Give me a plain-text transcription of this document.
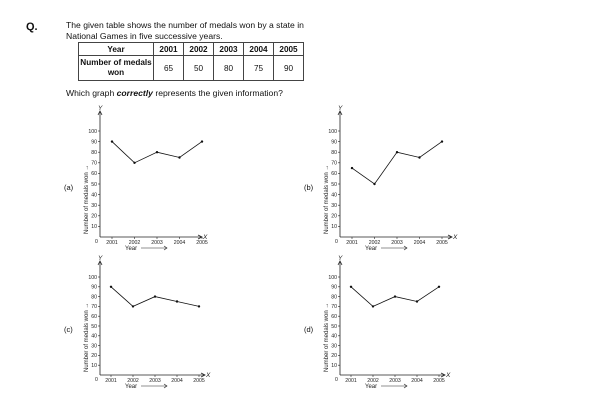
Q.	The given table shows the number of medals won by a state in National Games in five successive years.
Year	2001	2002	2003	2004	2005
Number of medals won	65	50	80	75	90
Which graph correctly represents the given information?
Y
X
0
10
20
30
40
50
60
70
80
90
100
2001 2002 2003 2004 2005
Year
Number of medals won →
(a)
Y
X
0
10
20
30
40
50
60
70
80
90
100
2001 2002 2003 2004 2005
Year
Number of medals won →
(b)
Y
X
0
10
20
30
40
50
60
70
80
90
100
2001 2002 2003 2004 2005
Year
Number of medals won →
(c)
Y
X
0
10
20
30
40
50
60
70
80
90
100
2001 2002 2003 2004 2005
Year
Number of medals won →
(d)
